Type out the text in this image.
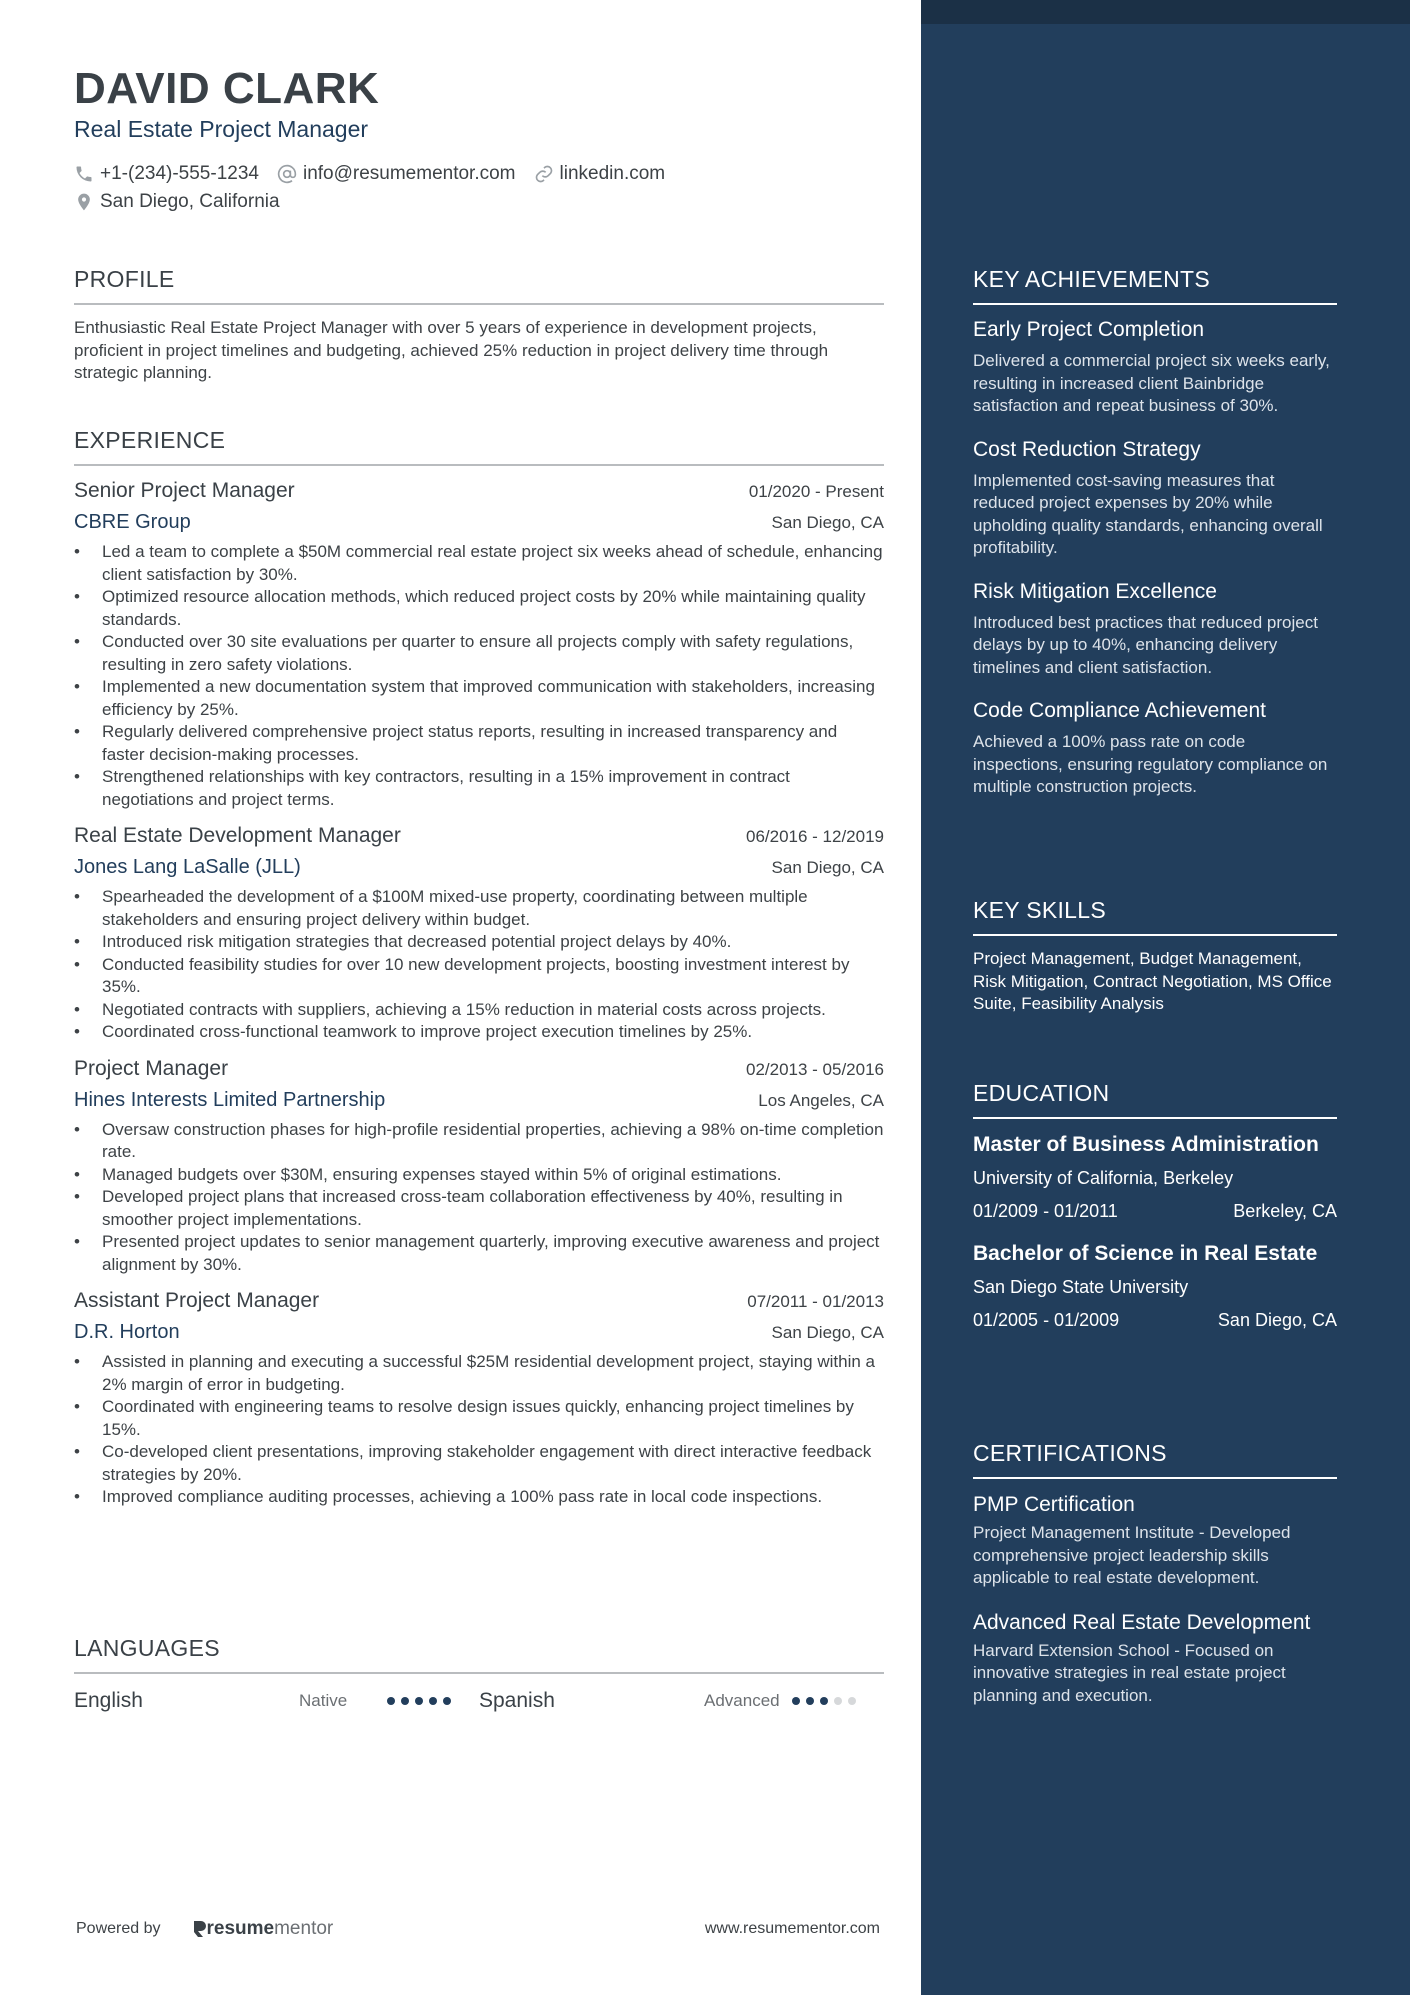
DAVID CLARK
Real Estate Project Manager
+1-(234)-555-1234 info@resumementor.com linkedin.com
San Diego, California
PROFILE
Enthusiastic Real Estate Project Manager with over 5 years of experience in development projects, proficient in project timelines and budgeting, achieved 25% reduction in project delivery time through strategic planning.
EXPERIENCE
Senior Project Manager	01/2020 - Present
CBRE Group	San Diego, CA
• Led a team to complete a $50M commercial real estate project six weeks ahead of schedule, enhancing client satisfaction by 30%.
• Optimized resource allocation methods, which reduced project costs by 20% while maintaining quality standards.
• Conducted over 30 site evaluations per quarter to ensure all projects comply with safety regulations, resulting in zero safety violations.
• Implemented a new documentation system that improved communication with stakeholders, increasing efficiency by 25%.
• Regularly delivered comprehensive project status reports, resulting in increased transparency and faster decision-making processes.
• Strengthened relationships with key contractors, resulting in a 15% improvement in contract negotiations and project terms.
Real Estate Development Manager	06/2016 - 12/2019
Jones Lang LaSalle (JLL)	San Diego, CA
• Spearheaded the development of a $100M mixed-use property, coordinating between multiple stakeholders and ensuring project delivery within budget.
• Introduced risk mitigation strategies that decreased potential project delays by 40%.
• Conducted feasibility studies for over 10 new development projects, boosting investment interest by 35%.
• Negotiated contracts with suppliers, achieving a 15% reduction in material costs across projects.
• Coordinated cross-functional teamwork to improve project execution timelines by 25%.
Project Manager	02/2013 - 05/2016
Hines Interests Limited Partnership	Los Angeles, CA
• Oversaw construction phases for high-profile residential properties, achieving a 98% on-time completion rate.
• Managed budgets over $30M, ensuring expenses stayed within 5% of original estimations.
• Developed project plans that increased cross-team collaboration effectiveness by 40%, resulting in smoother project implementations.
• Presented project updates to senior management quarterly, improving executive awareness and project alignment by 30%.
Assistant Project Manager	07/2011 - 01/2013
D.R. Horton	San Diego, CA
• Assisted in planning and executing a successful $25M residential development project, staying within a 2% margin of error in budgeting.
• Coordinated with engineering teams to resolve design issues quickly, enhancing project timelines by 15%.
• Co-developed client presentations, improving stakeholder engagement with direct interactive feedback strategies by 20%.
• Improved compliance auditing processes, achieving a 100% pass rate in local code inspections.
LANGUAGES
English	Native	Spanish	Advanced
Powered by resume mentor	www.resumementor.com
KEY ACHIEVEMENTS
Early Project Completion
Delivered a commercial project six weeks early, resulting in increased client Bainbridge satisfaction and repeat business of 30%.
Cost Reduction Strategy
Implemented cost-saving measures that reduced project expenses by 20% while upholding quality standards, enhancing overall profitability.
Risk Mitigation Excellence
Introduced best practices that reduced project delays by up to 40%, enhancing delivery timelines and client satisfaction.
Code Compliance Achievement
Achieved a 100% pass rate on code inspections, ensuring regulatory compliance on multiple construction projects.
KEY SKILLS
Project Management, Budget Management, Risk Mitigation, Contract Negotiation, MS Office Suite, Feasibility Analysis
EDUCATION
Master of Business Administration
University of California, Berkeley
01/2009 - 01/2011	Berkeley, CA
Bachelor of Science in Real Estate
San Diego State University
01/2005 - 01/2009	San Diego, CA
CERTIFICATIONS
PMP Certification
Project Management Institute - Developed comprehensive project leadership skills applicable to real estate development.
Advanced Real Estate Development
Harvard Extension School - Focused on innovative strategies in real estate project planning and execution.
